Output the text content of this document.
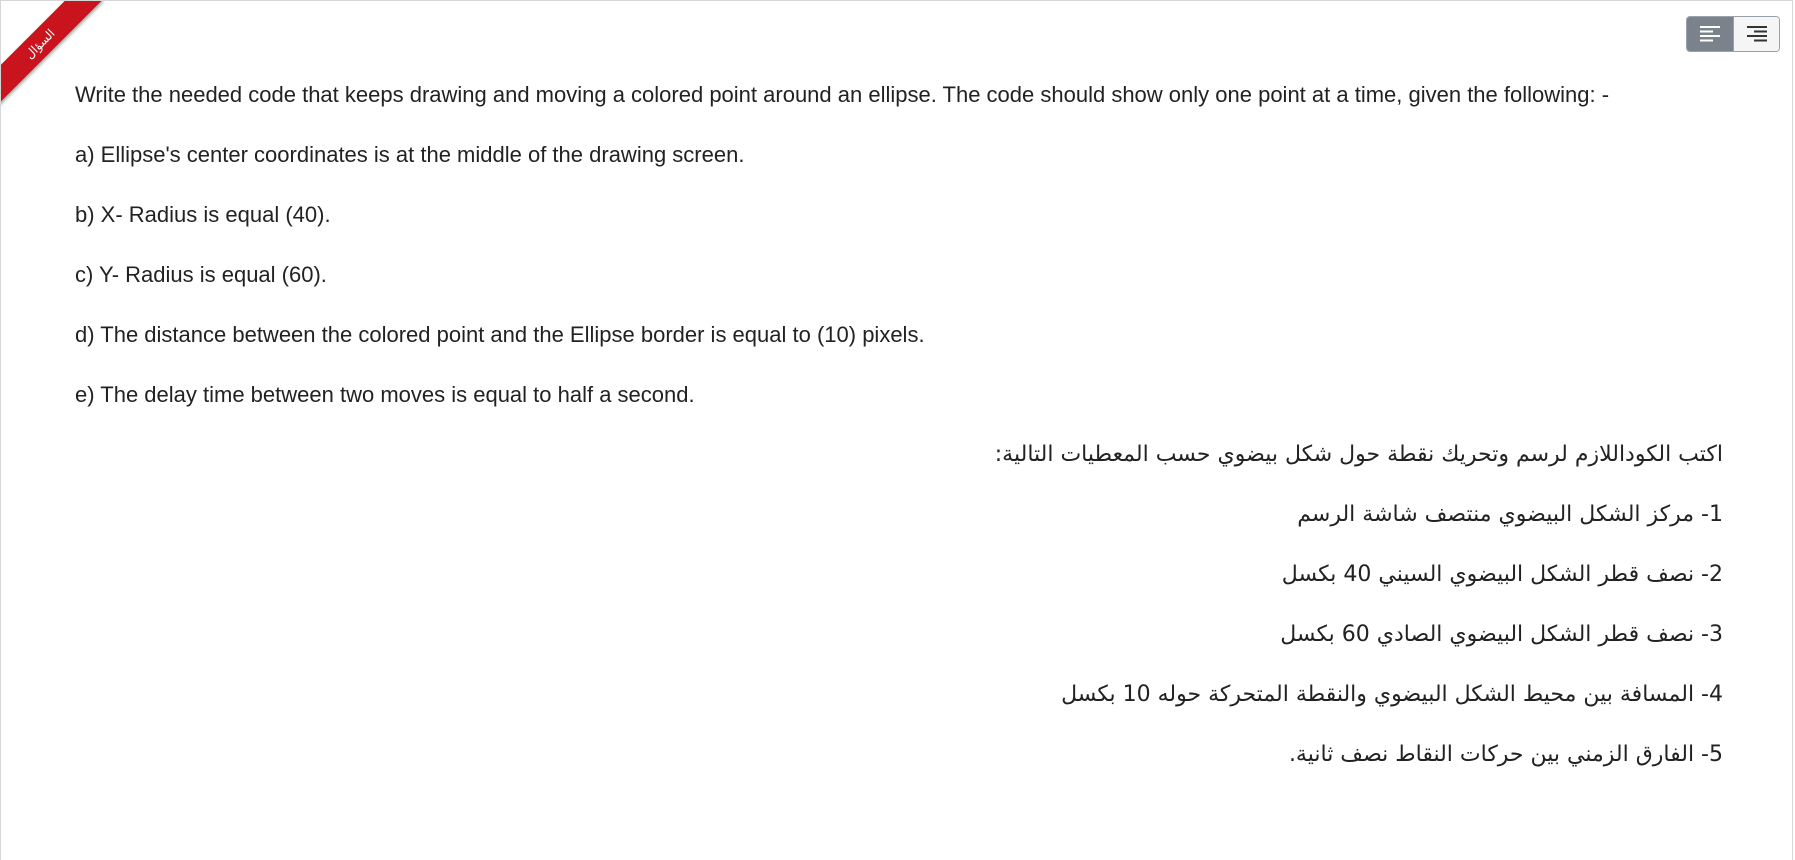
السؤال

Write the needed code that keeps drawing and moving a colored point around an ellipse. The code should show only one point at a time, given the following: -

a) Ellipse's center coordinates is at the middle of the drawing screen.

b) X- Radius is equal (40).

c) Y- Radius is equal (60).

d) The distance between the colored point and the Ellipse border is equal to (10) pixels.

e) The delay time between two moves is equal to half a second.

اكتب الكوداللازم لرسم وتحريك نقطة حول شكل بيضوي حسب المعطيات التالية:

1- مركز الشكل البيضوي منتصف شاشة الرسم

2- نصف قطر الشكل البيضوي السيني 40 بكسل

3- نصف قطر الشكل البيضوي الصادي 60 بكسل

4- المسافة بين محيط الشكل البيضوي والنقطة المتحركة حوله 10 بكسل

5- الفارق الزمني بين حركات النقاط نصف ثانية.
